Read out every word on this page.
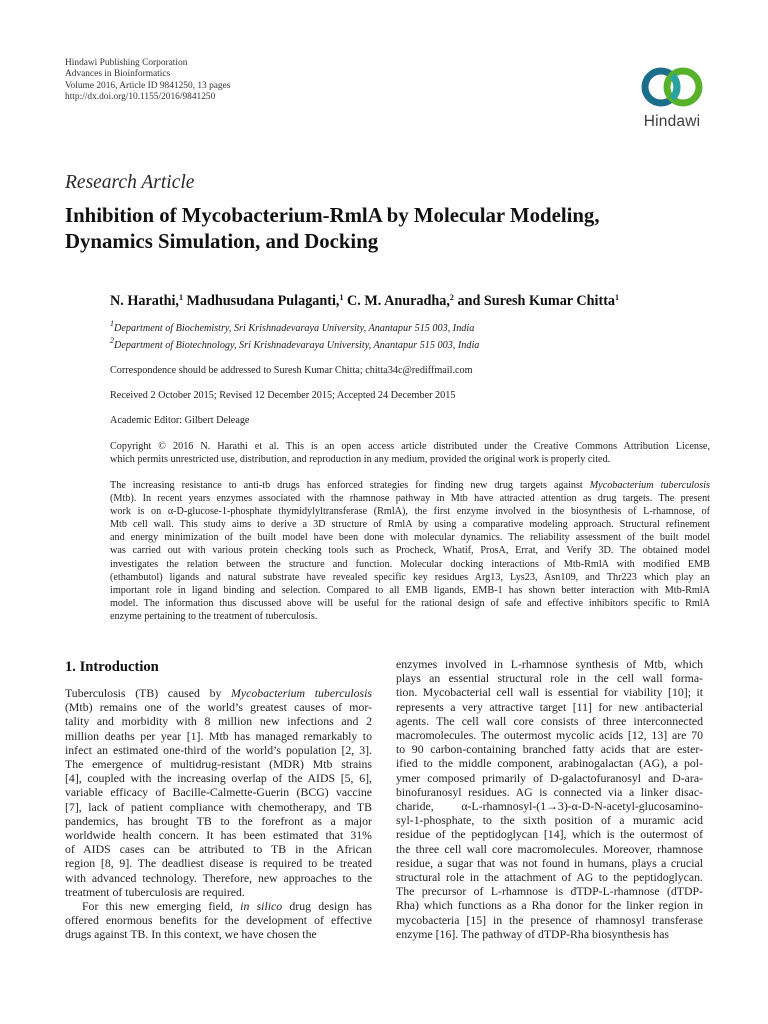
Hindawi Publishing Corporation
Advances in Bioinformatics
Volume 2016, Article ID 9841250, 13 pages
http://dx.doi.org/10.1155/2016/9841250
Hindawi
Research Article
Inhibition of Mycobacterium-RmlA by Molecular Modeling,
Dynamics Simulation, and Docking
N. Harathi,$^1$ Madhusudana Pulaganti,$^1$ C. M. Anuradha,$^2$ and Suresh Kumar Chitta$^1$
$^1$Department of Biochemistry, Sri Krishnadevaraya University, Anantapur 515 003, India
$^2$Department of Biotechnology, Sri Krishnadevaraya University, Anantapur 515 003, India
Correspondence should be addressed to Suresh Kumar Chitta; chitta34c@rediffmail.com
Received 2 October 2015; Revised 12 December 2015; Accepted 24 December 2015
Academic Editor: Gilbert Deleage
Copyright © 2016 N. Harathi et al. This is an open access article distributed under the Creative Commons Attribution License,
which permits unrestricted use, distribution, and reproduction in any medium, provided the original work is properly cited.
The increasing resistance to anti-tb drugs has enforced strategies for finding new drug targets against Mycobacterium tuberculosis
(Mtb). In recent years enzymes associated with the rhamnose pathway in Mtb have attracted attention as drug targets. The present
work is on α-D-glucose-1-phosphate thymidylyltransferase (RmlA), the first enzyme involved in the biosynthesis of L-rhamnose, of
Mtb cell wall. This study aims to derive a 3D structure of RmlA by using a comparative modeling approach. Structural refinement
and energy minimization of the built model have been done with molecular dynamics. The reliability assessment of the built model
was carried out with various protein checking tools such as Procheck, Whatif, ProsA, Errat, and Verify 3D. The obtained model
investigates the relation between the structure and function. Molecular docking interactions of Mtb-RmlA with modified EMB
(ethambutol) ligands and natural substrate have revealed specific key residues Arg13, Lys23, Asn109, and Thr223 which play an
important role in ligand binding and selection. Compared to all EMB ligands, EMB-1 has shown better interaction with Mtb-RmlA
model. The information thus discussed above will be useful for the rational design of safe and effective inhibitors specific to RmlA
enzyme pertaining to the treatment of tuberculosis.
1. Introduction
Tuberculosis (TB) caused by Mycobacterium tuberculosis
(Mtb) remains one of the world’s greatest causes of mor-
tality and morbidity with 8 million new infections and 2
million deaths per year [1]. Mtb has managed remarkably to
infect an estimated one-third of the world’s population [2, 3].
The emergence of multidrug-resistant (MDR) Mtb strains
[4], coupled with the increasing overlap of the AIDS [5, 6],
variable efficacy of Bacille-Calmette-Guerin (BCG) vaccine
[7], lack of patient compliance with chemotherapy, and TB
pandemics, has brought TB to the forefront as a major
worldwide health concern. It has been estimated that 31%
of AIDS cases can be attributed to TB in the African
region [8, 9]. The deadliest disease is required to be treated
with advanced technology. Therefore, new approaches to the
treatment of tuberculosis are required.
For this new emerging field, in silico drug design has
offered enormous benefits for the development of effective
drugs against TB. In this context, we have chosen the
enzymes involved in L-rhamnose synthesis of Mtb, which
plays an essential structural role in the cell wall forma-
tion. Mycobacterial cell wall is essential for viability [10]; it
represents a very attractive target [11] for new antibacterial
agents. The cell wall core consists of three interconnected
macromolecules. The outermost mycolic acids [12, 13] are 70
to 90 carbon-containing branched fatty acids that are ester-
ified to the middle component, arabinogalactan (AG), a pol-
ymer composed primarily of D-galactofuranosyl and D-ara-
binofuranosyl residues. AG is connected via a linker disac-
charide, α-L-rhamnosyl-(1→3)-α-D-N-acetyl-glucosamino-
syl-1-phosphate, to the sixth position of a muramic acid
residue of the peptidoglycan [14], which is the outermost of
the three cell wall core macromolecules. Moreover, rhamnose
residue, a sugar that was not found in humans, plays a crucial
structural role in the attachment of AG to the peptidoglycan.
The precursor of L-rhamnose is dTDP-L-rhamnose (dTDP-
Rha) which functions as a Rha donor for the linker region in
mycobacteria [15] in the presence of rhamnosyl transferase
enzyme [16]. The pathway of dTDP-Rha biosynthesis has
